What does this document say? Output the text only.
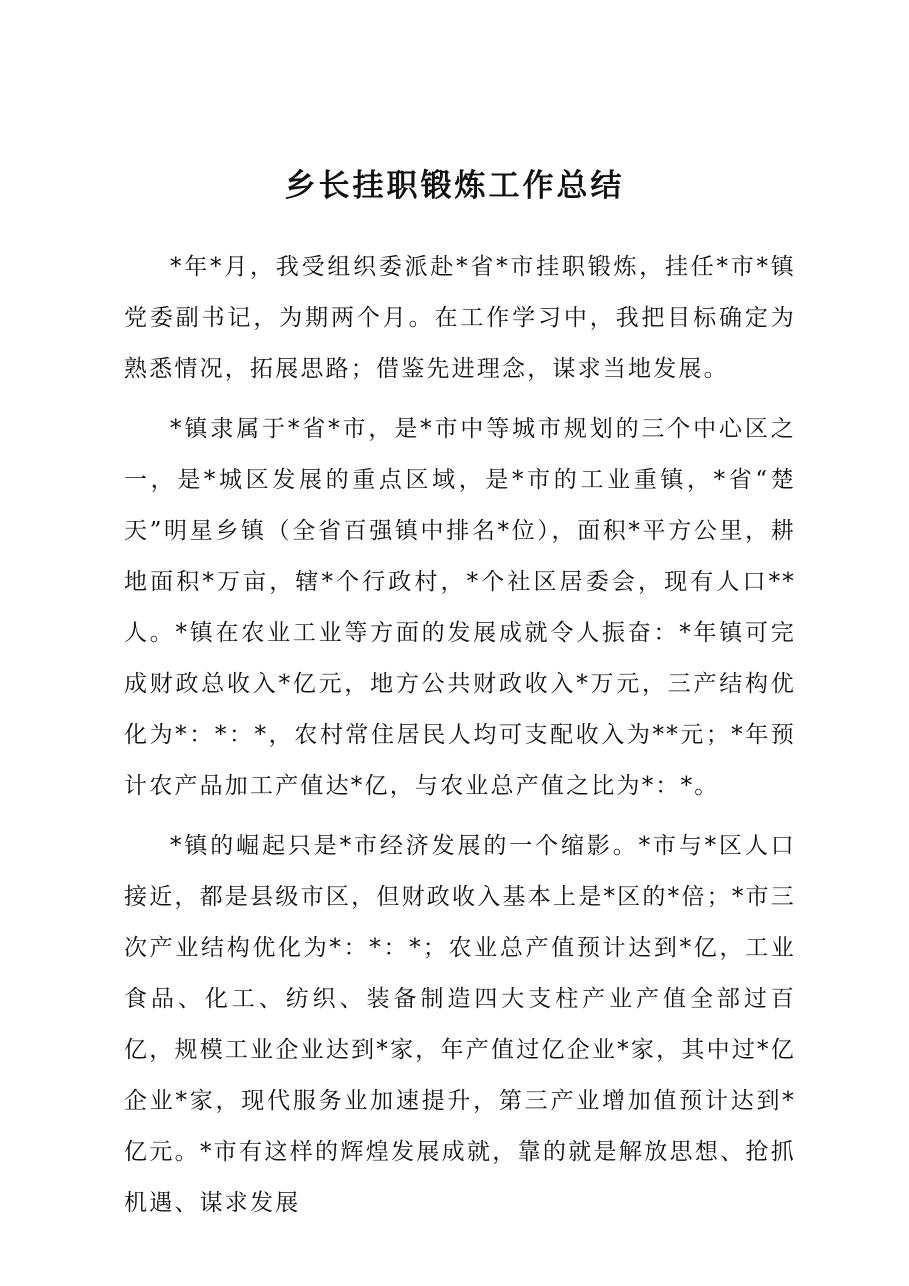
乡长挂职锻炼工作总结

*年*月，我受组织委派赴*省*市挂职锻炼，挂任*市*镇党委副书记，为期两个月。在工作学习中，我把目标确定为熟悉情况，拓展思路；借鉴先进理念，谋求当地发展。

*镇隶属于*省*市，是*市中等城市规划的三个中心区之一，是*城区发展的重点区域，是*市的工业重镇，*省“楚天”明星乡镇（全省百强镇中排名*位），面积*平方公里，耕地面积*万亩，辖*个行政村，*个社区居委会，现有人口**人。*镇在农业工业等方面的发展成就令人振奋：*年镇可完成财政总收入*亿元，地方公共财政收入*万元，三产结构优化为*：*：*，农村常住居民人均可支配收入为**元；*年预计农产品加工产值达*亿，与农业总产值之比为*：*。

*镇的崛起只是*市经济发展的一个缩影。*市与*区人口接近，都是县级市区，但财政收入基本上是*区的*倍；*市三次产业结构优化为*：*：*；农业总产值预计达到*亿，工业食品、化工、纺织、装备制造四大支柱产业产值全部过百亿，规模工业企业达到*家，年产值过亿企业*家，其中过*亿企业*家，现代服务业加速提升，第三产业增加值预计达到*亿元。*市有这样的辉煌发展成就，靠的就是解放思想、抢抓机遇、谋求发展
